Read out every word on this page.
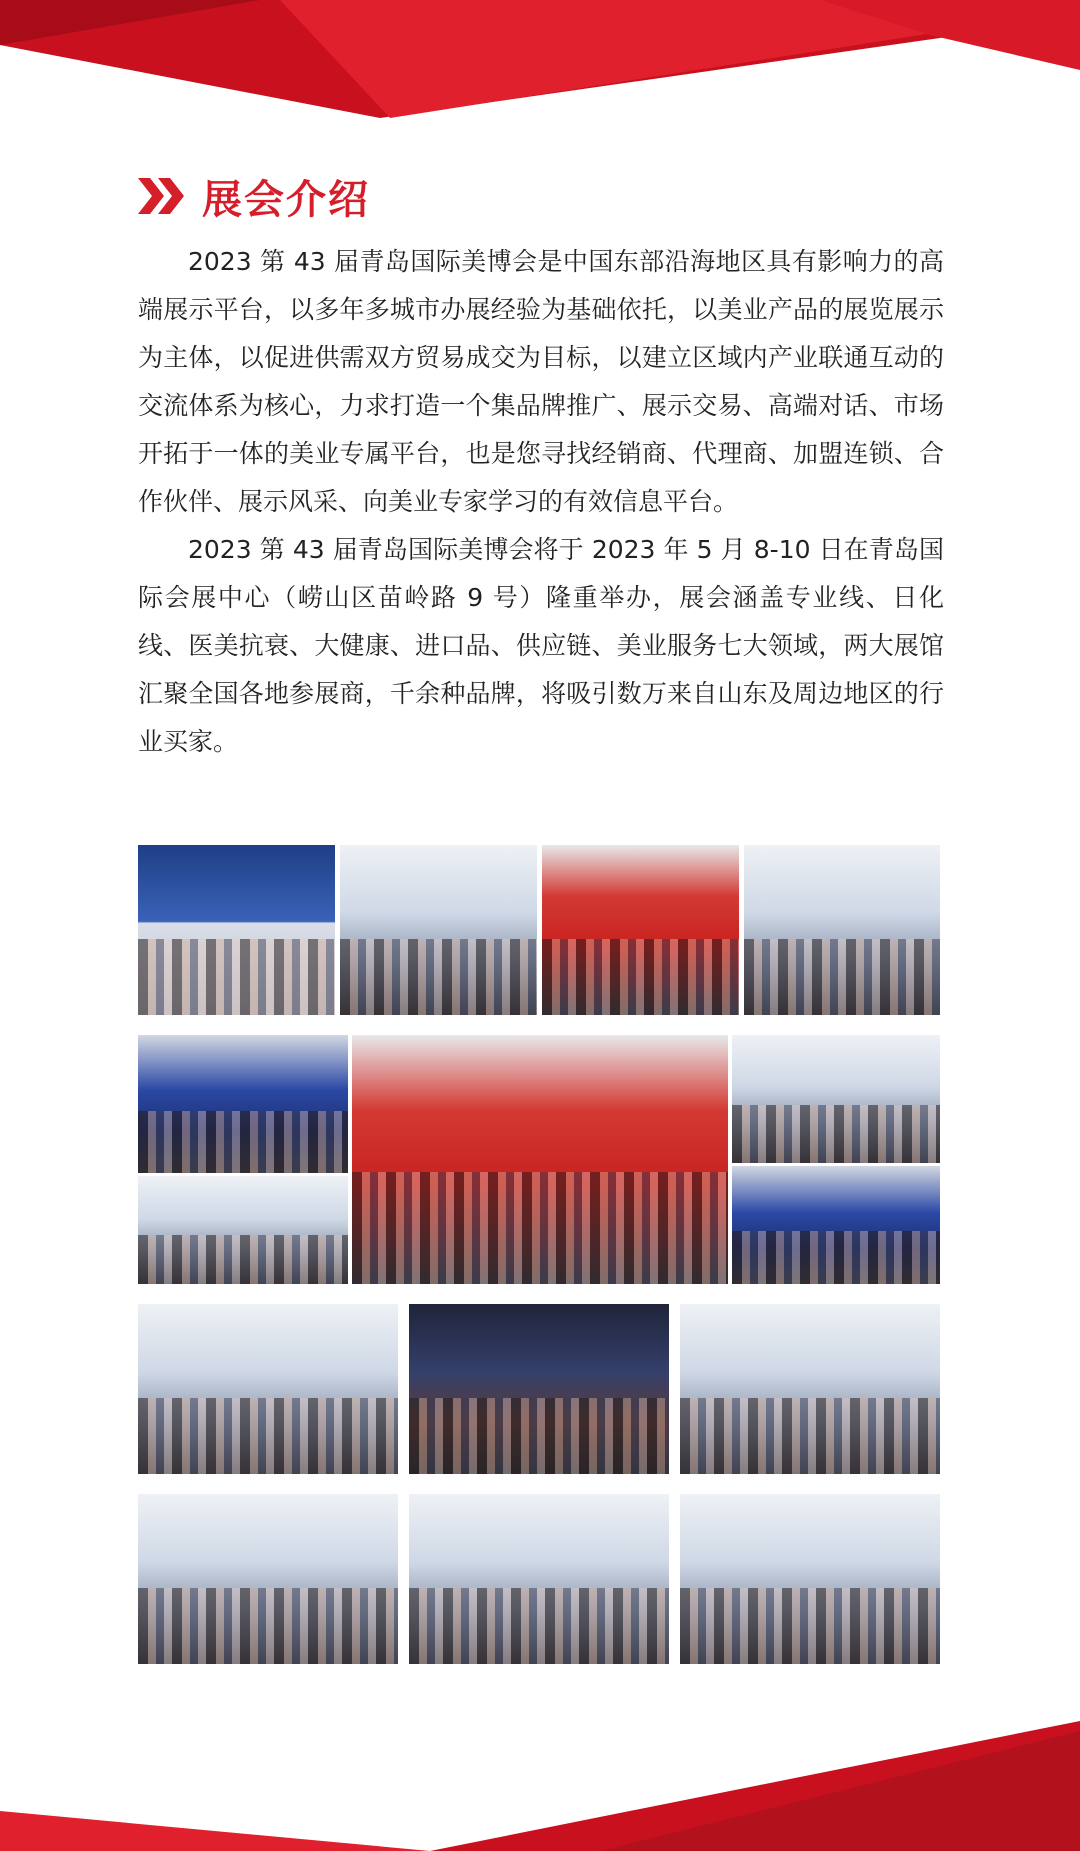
展会介绍

2023 第 43 届青岛国际美博会是中国东部沿海地区具有影响力的高端展示平台，以多年多城市办展经验为基础依托，以美业产品的展览展示为主体，以促进供需双方贸易成交为目标，以建立区域内产业联通互动的交流体系为核心，力求打造一个集品牌推广、展示交易、高端对话、市场开拓于一体的美业专属平台，也是您寻找经销商、代理商、加盟连锁、合作伙伴、展示风采、向美业专家学习的有效信息平台。

2023 第 43 届青岛国际美博会将于 2023 年 5 月 8-10 日在青岛国际会展中心（崂山区苗岭路 9 号）隆重举办，展会涵盖专业线、日化线、医美抗衰、大健康、进口品、供应链、美业服务七大领域，两大展馆汇聚全国各地参展商，千余种品牌，将吸引数万来自山东及周边地区的行业买家。
